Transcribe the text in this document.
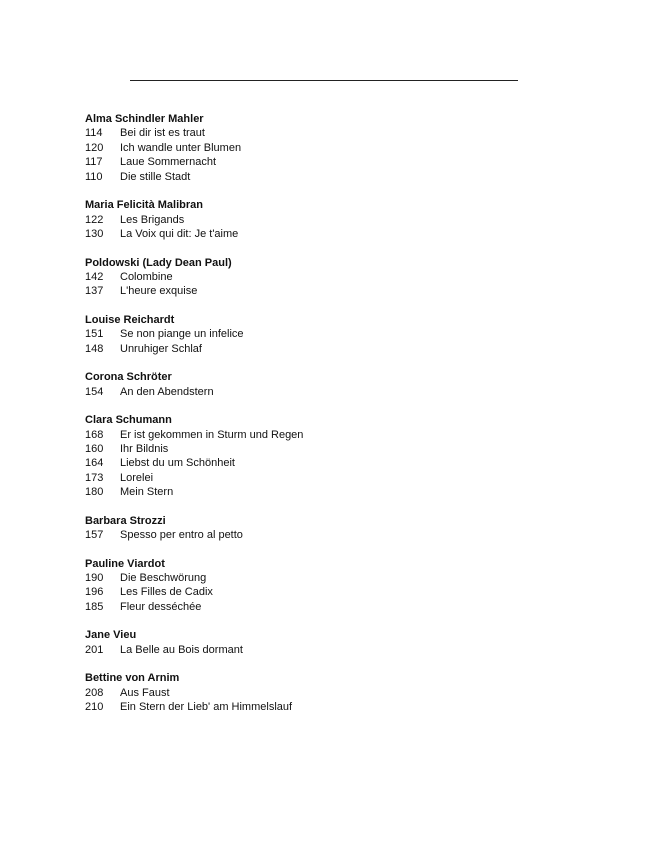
Alma Schindler Mahler
114	Bei dir ist es traut
120	Ich wandle unter Blumen
117	Laue Sommernacht
110	Die stille Stadt
Maria Felicità Malibran
122	Les Brigands
130	La Voix qui dit: Je t'aime
Poldowski (Lady Dean Paul)
142	Colombine
137	L'heure exquise
Louise Reichardt
151	Se non piange un infelice
148	Unruhiger Schlaf
Corona Schröter
154	An den Abendstern
Clara Schumann
168	Er ist gekommen in Sturm und Regen
160	Ihr Bildnis
164	Liebst du um Schönheit
173	Lorelei
180	Mein Stern
Barbara Strozzi
157	Spesso per entro al petto
Pauline Viardot
190	Die Beschwörung
196	Les Filles de Cadix
185	Fleur desséchée
Jane Vieu
201	La Belle au Bois dormant
Bettine von Arnim
208	Aus Faust
210	Ein Stern der Lieb' am Himmelslauf
